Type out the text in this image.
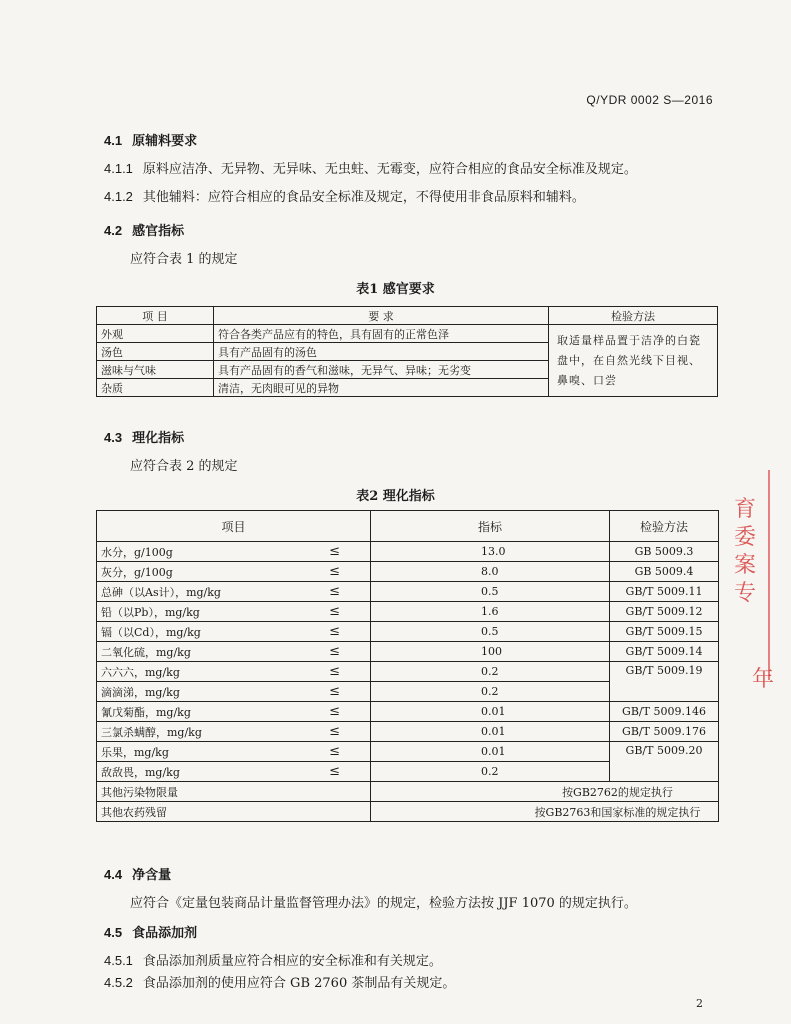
Q/YDR 0002 S—2016
4.1 原辅料要求
4.1.1 原料应洁净、无异物、无异味、无虫蛀、无霉变，应符合相应的食品安全标准及规定。
4.1.2 其他辅料：应符合相应的食品安全标准及规定，不得使用非食品原料和辅料。
4.2 感官指标
应符合表 1 的规定
表1 感官要求
项 目	要 求	检验方法
外观	符合各类产品应有的特色，具有固有的正常色泽	取适量样品置于洁净的白瓷盘中，在自然光线下目视、鼻嗅、口尝
汤色	具有产品固有的汤色	
滋味与气味	具有产品固有的香气和滋味，无异气、异味；无劣变	
杂质	清洁，无肉眼可见的异物	
4.3 理化指标
应符合表 2 的规定
表2 理化指标
项目	指标	检验方法
水分，g/100g ≤	13.0	GB 5009.3
灰分，g/100g ≤	8.0	GB 5009.4
总砷（以As计），mg/kg ≤	0.5	GB/T 5009.11
铅（以Pb），mg/kg ≤	1.6	GB/T 5009.12
镉（以Cd），mg/kg ≤	0.5	GB/T 5009.15
二氧化硫，mg/kg ≤	100	GB/T 5009.14
六六六，mg/kg ≤	0.2	GB/T 5009.19
滴滴涕，mg/kg ≤	0.2	
氰戊菊酯，mg/kg ≤	0.01	GB/T 5009.146
三氯杀螨醇，mg/kg ≤	0.01	GB/T 5009.176
乐果，mg/kg ≤	0.01	GB/T 5009.20
敌敌畏，mg/kg ≤	0.2	
其他污染物限量	按GB2762的规定执行	
其他农药残留	按GB2763和国家标准的规定执行	
4.4 净含量
应符合《定量包装商品计量监督管理办法》的规定，检验方法按 JJF 1070 的规定执行。
4.5 食品添加剂
4.5.1 食品添加剂质量应符合相应的安全标准和有关规定。
4.5.2 食品添加剂的使用应符合 GB 2760 茶制品有关规定。
育委
案专
年
2
